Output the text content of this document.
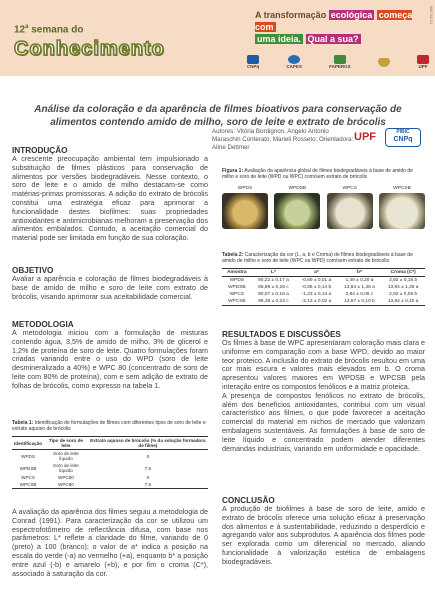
000741/21
12$^a$ semana do
Conhecimento
A transformação ecológica começa com
uma ideia. Qual a sua?
CNPq	CAPES	FAPERGS	UPF
Análise da coloração e da aparência de filmes bioativos para conservação de alimentos contendo amido de milho, soro de leite e extrato de brócolis
Autores: Vitória Bordignon, Angelo Antonio Maraschin Conterato, Marieli Rosseto; Orientadora: Aline Dettmer
UPF	PIBIC
CNPq
INTRODUÇÃO

A crescente preocupação ambiental tem impulsionado a substituição de filmes plásticos para conservação de alimentos por versões biodegradáveis. Nesse contexto, o soro de leite e o amido de milho destacam-se como matérias-primas promissoras. A adição do extrato de brócolis constitui uma estratégia eficaz para aprimorar a funcionalidade destes biofilmes: suas propriedades antioxidantes e antimicrobianas melhoram a preservação dos alimentos embalados. Contudo, a aceitação comercial do material pode ser limitada em função de sua coloração.

OBJETIVO

Avaliar a aparência e coloração de filmes biodegradáveis à base de amido de milho e soro de leite com extrato de brócolis, visando aprimorar sua aceitabilidade comercial.

METODOLOGIA

A metodologia iniciou com a formulação de misturas contendo água, 3,5% de amido de milho, 3% de glicerol e 1,2% de proteína de soro de leite. Quatro formulações foram criadas variando entre o uso do WPD (soro de leite desmineralizado a 40%) e WPC 80 (concentrado de soro de leite com 80% de proteína), com e sem adição de extrato de folhas de brócolis, como expresso na tabela 1.

Tabela 1: Identificação de formulações de filmes com diferentes tipos de soro de leite e extrato aquoso de brócolis
Identificação	Tipo de soro de leite	Extrato aquoso de brócolis (% da solução formadora de filme)
WPDS	Soro de leite líquido	0
WPDSB	Soro de leite líquido	7,5
WPCS	WPC80	0
WPCSB	WPC80	7,5

A avaliação da aparência dos filmes seguiu a metodologia de Conrad (1991). Para caracterização da cor se utilizou um espectrofotômetro de reflectância difusa, com base nos parâmetros: L* reflete a claridade do filme, variando de 0 (preto) a 100 (branco); o valor de a* indica a posição na escala do verde (-a) ao vermelho (+a), enquanto b* a posição entre azul (-b) e amarelo (+b), e por fim o croma (C*), associado à saturação da cor.

Figura 1: Avaliação da aparência global de filmes biodegradáveis à base de amido de milho e soro de leite (WPD ou WPC) com/sem extrato de brócolis
WPDS	WPDSB	WPCS	WPCSB
Tabela 2: Caracterização da cor (L, a, b e Croma) de filmes biodegradáveis à base de amido de milho e soro de leite (WPC ou WPD) com/sem extrato de brócolis
Amostra	L*	a*	b*	Croma (C*)
WPDS	90,22 ± 0,17 a	-0,69 ± 0,01 a	1,49 ± 0,20 a	2,92 ± 0,18 b
WPDSB	65,89 ± 0,28 c	-0,86 ± 0,14 b	13,64 ± 1,48 a	13,84 ± 1,39 a
WPCS	90,07 ± 0,18 a	-1,23 ± 0,14 a	2,84 ± 0,06 c	2,92 ± 0,05 b
WPCSB	86,36 ± 0,23 c	-2,13 ± 0,02 a	13,67 ± 0,10 b	13,84 ± 0,10 a
RESULTADOS E DISCUSSÕES

Os filmes à base de WPC apresentaram coloração mais clara e uniforme em comparação com a base WPD, devido ao maior teor proteico. A inclusão do extrato de brócolis resultou em uma cor mais escura e valores mais elevados em b. O croma apresentou valores maiores em WPDSB e WPCSB pela interação entre os compostos fenólicos e a matriz proteica.

A presença de compostos fenólicos no extrato de brócolis, além dos benefícios antioxidantes, contribui com um visual característico aos filmes, o que pode favorecer a aceitação comercial do material em nichos de mercado que valorizam embalagens sustentáveis. As formulações à base de soro de leite líquido e concentrado podem atender diferentes demandas industriais, variando em uniformidade e opacidade.

CONCLUSÃO

A produção de biofilmes à base de soro de leite, amido e extrato de brócolis oferece uma solução eficaz à preservação dos alimentos e à sustentabilidade, reduzindo o desperdício e agregando valor aos subprodutos. A aparência dos filmes pode ser explorada como um diferencial no mercado, aliando funcionalidade à valorização estética de embalagens biodegradáveis.
